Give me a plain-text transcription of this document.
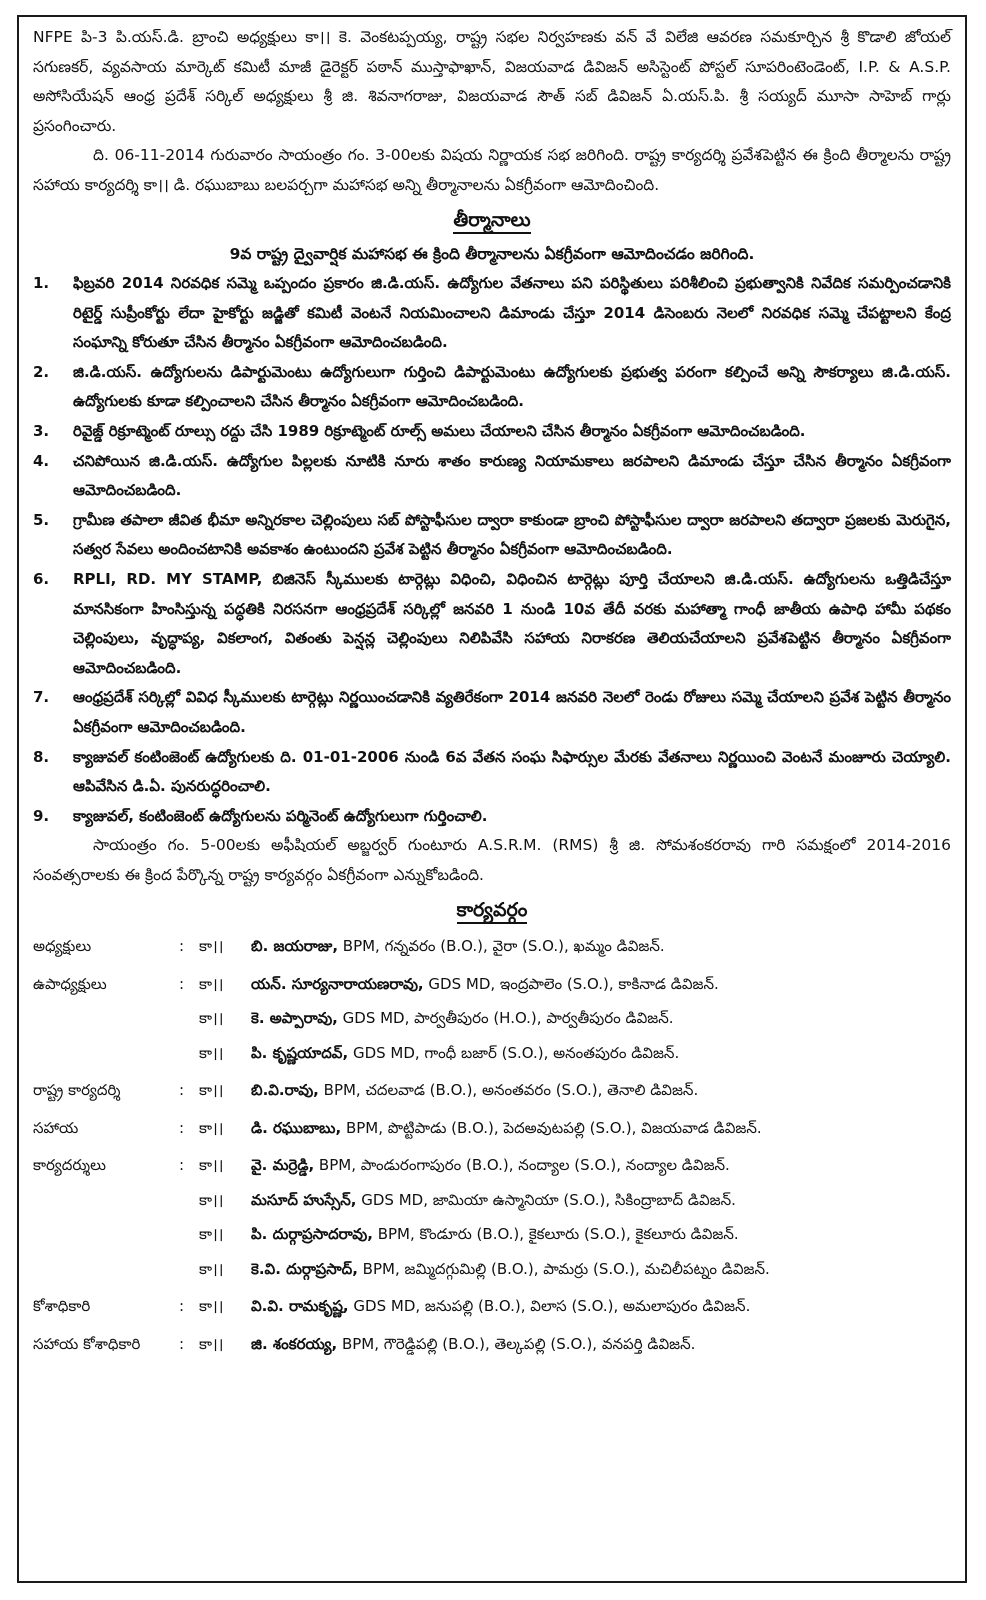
NFPE పి-3 పి.యస్.డి. బ్రాంచి అధ్యక్షులు కా।। కె. వెంకటప్పయ్య, రాష్ట్ర సభల నిర్వహణకు వన్ వే విలేజి ఆవరణ సమకూర్చిన శ్రీ కొడాలి జోయల్ సగుణకర్, వ్యవసాయ మార్కెట్ కమిటీ మాజీ డైరెక్టర్ పఠాన్ ముస్తాఫాఖాన్, విజయవాడ డివిజన్ అసిస్టెంట్ పోస్టల్ సూపరింటెండెంట్, I.P. & A.S.P. అసోసియేషన్ ఆంధ్ర ప్రదేశ్ సర్కిల్ అధ్యక్షులు శ్రీ జి. శివనాగరాజు, విజయవాడ సౌత్ సబ్ డివిజన్ ఏ.యస్.పి. శ్రీ సయ్యద్ మూసా సాహెబ్ గార్లు ప్రసంగించారు.

ది. 06-11-2014 గురువారం సాయంత్రం గం. 3-00లకు విషయ నిర్ణాయక సభ జరిగింది. రాష్ట్ర కార్యదర్శి ప్రవేశపెట్టిన ఈ క్రింది తీర్మాలను రాష్ట్ర సహాయ కార్యదర్శి కా।। డి. రఘుబాబు బలపర్చగా మహాసభ అన్ని తీర్మానాలను ఏకగ్రీవంగా ఆమోదించింది.

తీర్మానాలు
9వ రాష్ట్ర ద్వైవార్షిక మహాసభ ఈ క్రింది తీర్మానాలను ఏకగ్రీవంగా ఆమోదించడం జరిగింది.
1.	ఫిబ్రవరి 2014 నిరవధిక సమ్మె ఒప్పందం ప్రకారం జి.డి.యస్. ఉద్యోగుల వేతనాలు పని పరిస్థితులు పరిశీలించి ప్రభుత్వానికి నివేదిక సమర్పించడానికి రిటైర్డ్ సుప్రీంకోర్టు లేదా హైకోర్టు జడ్జితో కమిటీ వెంటనే నియమించాలని డిమాండు చేస్తూ 2014 డిసెంబరు నెలలో నిరవధిక సమ్మె చేపట్టాలని కేంద్ర సంఘాన్ని కోరుతూ చేసిన తీర్మానం ఏకగ్రీవంగా ఆమోదించబడింది.
2.	జి.డి.యస్. ఉద్యోగులను డిపార్టుమెంటు ఉద్యోగులుగా గుర్తించి డిపార్టుమెంటు ఉద్యోగులకు ప్రభుత్వ పరంగా కల్పించే అన్ని సౌకర్యాలు జి.డి.యస్. ఉద్యోగులకు కూడా కల్పించాలని చేసిన తీర్మానం ఏకగ్రీవంగా ఆమోదించబడింది.
3.	రివైజ్డ్ రిక్రూట్మెంట్ రూల్సు రద్దు చేసి 1989 రిక్రూట్మెంట్ రూల్స్ అమలు చేయాలని చేసిన తీర్మానం ఏకగ్రీవంగా ఆమోదించబడింది.
4.	చనిపోయిన జి.డి.యస్. ఉద్యోగుల పిల్లలకు నూటికి నూరు శాతం కారుణ్య నియామకాలు జరపాలని డిమాండు చేస్తూ చేసిన తీర్మానం ఏకగ్రీవంగా ఆమోదించబడింది.
5.	గ్రామీణ తపాలా జీవిత భీమా అన్నిరకాల చెల్లింపులు సబ్ పోస్టాఫీసుల ద్వారా కాకుండా బ్రాంచి పోస్టాఫీసుల ద్వారా జరపాలని తద్వారా ప్రజలకు మెరుగైన, సత్వర సేవలు అందించటానికి అవకాశం ఉంటుందని ప్రవేశ పెట్టిన తీర్మానం ఏకగ్రీవంగా ఆమోదించబడింది.
6.	RPLI, RD. MY STAMP, బిజినెస్ స్కీములకు టార్గెట్లు విధించి, విధించిన టార్గెట్లు పూర్తి చేయాలని జి.డి.యస్. ఉద్యోగులను ఒత్తిడిచేస్తూ మానసికంగా హింసిస్తున్న పద్ధతికి నిరసనగా ఆంధ్రప్రదేశ్ సర్కిల్లో జనవరి 1 నుండి 10వ తేదీ వరకు మహాత్మా గాంధీ జాతీయ ఉపాధి హామీ పథకం చెల్లింపులు, వృద్ధాప్య, వికలాంగ, వితంతు పెన్షన్ల చెల్లింపులు నిలిపివేసి సహాయ నిరాకరణ తెలియచేయాలని ప్రవేశపెట్టిన తీర్మానం ఏకగ్రీవంగా ఆమోదించబడింది.
7.	ఆంధ్రప్రదేశ్ సర్కిల్లో వివిధ స్కీములకు టార్గెట్లు నిర్ణయించడానికి వ్యతిరేకంగా 2014 జనవరి నెలలో రెండు రోజులు సమ్మె చేయాలని ప్రవేశ పెట్టిన తీర్మానం ఏకగ్రీవంగా ఆమోదించబడింది.
8.	క్యాజువల్ కంటింజెంట్ ఉద్యోగులకు ది. 01-01-2006 నుండి 6వ వేతన సంఘ సిఫార్సుల మేరకు వేతనాలు నిర్ణయించి వెంటనే మంజూరు చెయ్యాలి. ఆపివేసిన డి.ఏ. పునరుద్ధరించాలి.
9.	క్యాజువల్, కంటింజెంట్ ఉద్యోగులను పర్మినెంట్ ఉద్యోగులుగా గుర్తించాలి.

సాయంత్రం గం. 5-00లకు అఫీషియల్ అబ్జర్వర్ గుంటూరు A.S.R.M. (RMS) శ్రీ జి. సోమశంకరరావు గారి సమక్షంలో 2014-2016 సంవత్సరాలకు ఈ క్రింద పేర్కొన్న రాష్ట్ర కార్యవర్గం ఏకగ్రీవంగా ఎన్నుకోబడింది.

కార్యవర్గం
అధ్యక్షులు	:	కా।।	బి. జయరాజు, BPM, గన్నవరం (B.O.), వైరా (S.O.), ఖమ్మం డివిజన్.
ఉపాధ్యక్షులు	:	కా।।	యన్. సూర్యనారాయణరావు, GDS MD, ఇంద్రపాలెం (S.O.), కాకినాడ డివిజన్.
		కా।।	కె. అప్పారావు, GDS MD, పార్వతీపురం (H.O.), పార్వతీపురం డివిజన్.
		కా।।	పి. కృష్ణయాదవ్, GDS MD, గాంధీ బజార్ (S.O.), అనంతపురం డివిజన్.
రాష్ట్ర కార్యదర్శి	:	కా।।	బి.వి.రావు, BPM, చదలవాడ (B.O.), అనంతవరం (S.O.), తెనాలి డివిజన్.
సహాయ	:	కా।।	డి. రఘుబాబు, BPM, పొట్టిపాడు (B.O.), పెదఅవుటపల్లి (S.O.), విజయవాడ డివిజన్.
కార్యదర్శులు	:	కా।।	వై. మర్రెడ్డి, BPM, పాండురంగాపురం (B.O.), నంద్యాల (S.O.), నంద్యాల డివిజన్.
		కా।।	మసూద్ హుస్సేన్, GDS MD, జామియా ఉస్మానియా (S.O.), సికింద్రాబాద్ డివిజన్.
		కా।।	పి. దుర్గాప్రసాదరావు, BPM, కొండూరు (B.O.), కైకలూరు (S.O.), కైకలూరు డివిజన్.
		కా।।	కె.వి. దుర్గాప్రసాద్, BPM, జమ్మిదగ్గుమిల్లి (B.O.), పామర్రు (S.O.), మచిలీపట్నం డివిజన్.
కోశాధికారి	:	కా।।	వి.వి. రామకృష్ణ, GDS MD, జనుపల్లి (B.O.), విలాస (S.O.), అమలాపురం డివిజన్.
సహాయ కోశాధికారి	:	కా।।	జి. శంకరయ్య, BPM, గౌరెడ్డిపల్లి (B.O.), తెల్కపల్లి (S.O.), వనపర్తి డివిజన్.
